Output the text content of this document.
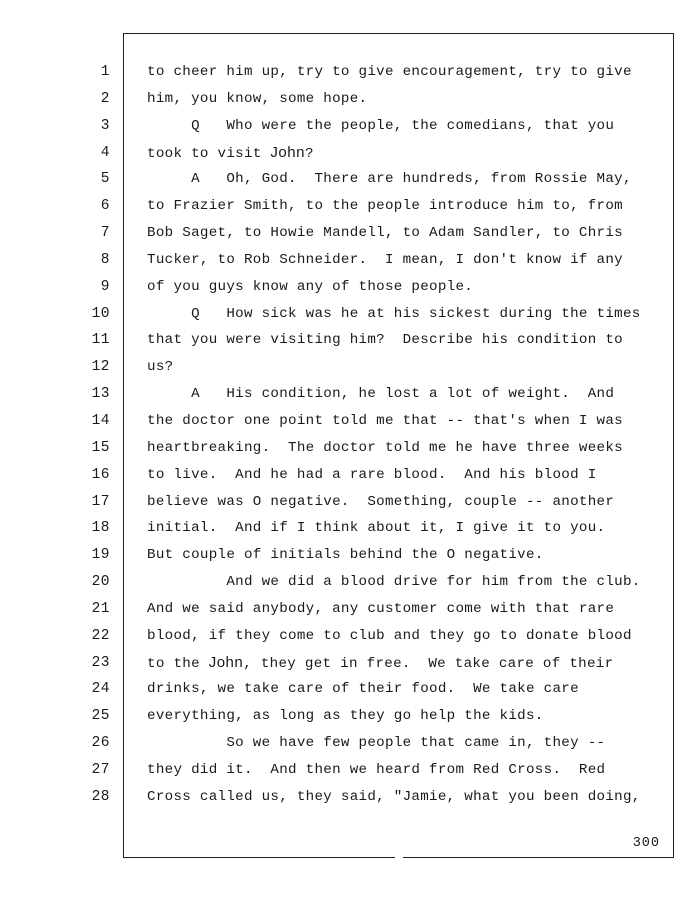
1
2
3
4
5
6
7
8
9
10
11
12
13
14
15
16
17
18
19
20
21
22
23
24
25
26
27
28
to cheer him up, try to give encouragement, try to give
him, you know, some hope.
Q   Who were the people, the comedians, that you
took to visit John?
A   Oh, God.  There are hundreds, from Rossie May,
to Frazier Smith, to the people introduce him to, from
Bob Saget, to Howie Mandell, to Adam Sandler, to Chris
Tucker, to Rob Schneider.  I mean, I don't know if any
of you guys know any of those people.
Q   How sick was he at his sickest during the times
that you were visiting him?  Describe his condition to
us?
A   His condition, he lost a lot of weight.  And
the doctor one point told me that -- that's when I was
heartbreaking.  The doctor told me he have three weeks
to live.  And he had a rare blood.  And his blood I
believe was O negative.  Something, couple -- another
initial.  And if I think about it, I give it to you.
But couple of initials behind the O negative.
And we did a blood drive for him from the club.
And we said anybody, any customer come with that rare
blood, if they come to club and they go to donate blood
to the John, they get in free.  We take care of their
drinks, we take care of their food.  We take care
everything, as long as they go help the kids.
So we have few people that came in, they --
they did it.  And then we heard from Red Cross.  Red
Cross called us, they said, "Jamie, what you been doing,
300
